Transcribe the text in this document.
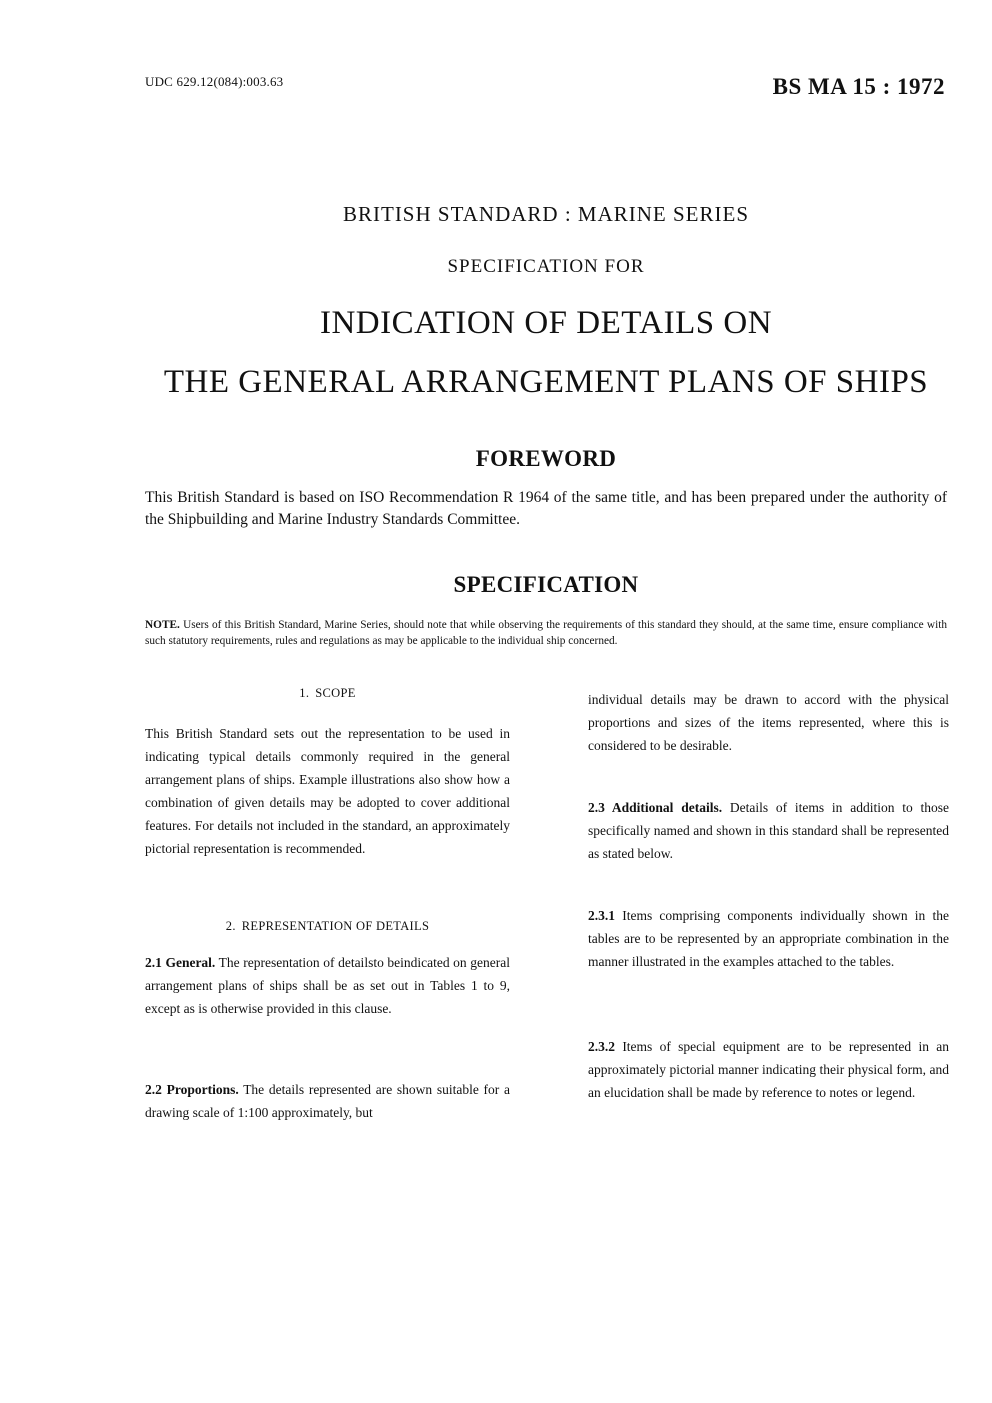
UDC 629.12(084):003.63	BS MA 15 : 1972
BRITISH STANDARD : MARINE SERIES
SPECIFICATION FOR
INDICATION OF DETAILS ON
THE GENERAL ARRANGEMENT PLANS OF SHIPS
FOREWORD
This British Standard is based on ISO Recommendation R 1964 of the same title, and has been prepared under the authority of the Shipbuilding and Marine Industry Standards Committee.
SPECIFICATION
NOTE. Users of this British Standard, Marine Series, should note that while observing the requirements of this standard they should, at the same time, ensure compliance with such statutory requirements, rules and regulations as may be applicable to the individual ship concerned.
1. SCOPE
This British Standard sets out the representation to be used in indicating typical details commonly required in the general arrangement plans of ships. Example illustrations also show how a combination of given details may be adopted to cover additional features. For details not included in the standard, an approximately pictorial representation is recommended.
2. REPRESENTATION OF DETAILS
2.1 General. The representation of detailsto beindicated on general arrangement plans of ships shall be as set out in Tables 1 to 9, except as is otherwise provided in this clause.
2.2 Proportions. The details represented are shown suitable for a drawing scale of 1:100 approximately, but
individual details may be drawn to accord with the physical proportions and sizes of the items represented, where this is considered to be desirable.
2.3 Additional details. Details of items in addition to those specifically named and shown in this standard shall be represented as stated below.
2.3.1 Items comprising components individually shown in the tables are to be represented by an appropriate combination in the manner illustrated in the examples attached to the tables.
2.3.2 Items of special equipment are to be represented in an approximately pictorial manner indicating their physical form, and an elucidation shall be made by reference to notes or legend.
